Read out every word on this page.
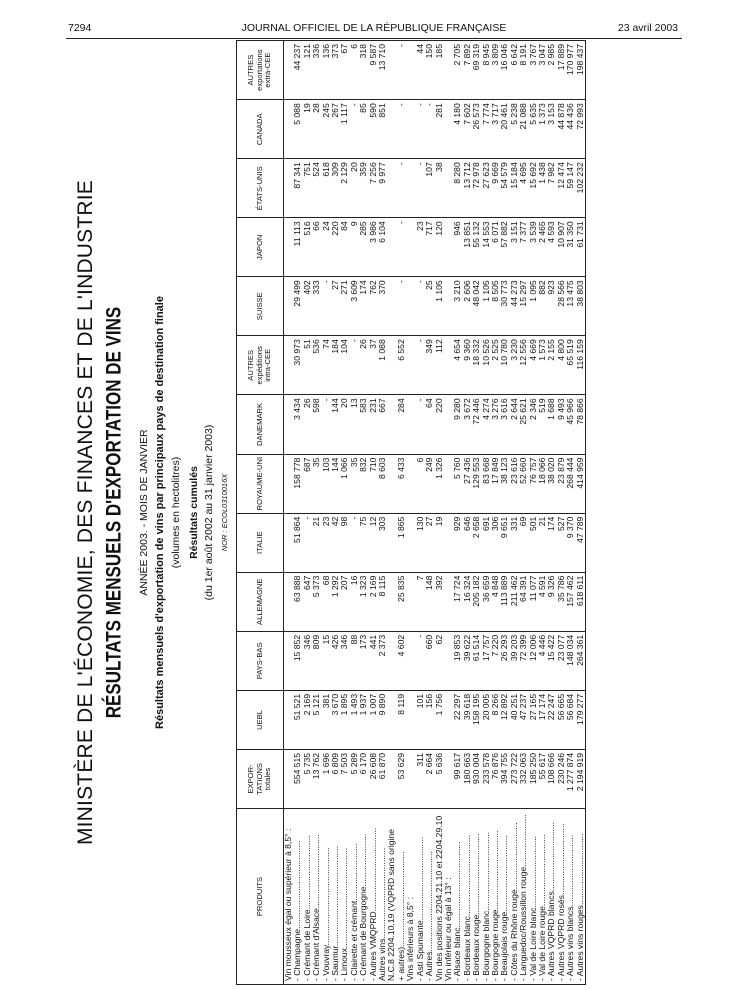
7294	JOURNAL OFFICIEL DE LA RÉPUBLIQUE FRANÇAISE	23 avril 2003
MINISTÈRE DE L'ÉCONOMIE, DES FINANCES ET DE L'INDUSTRIE RÉSULTATS MENSUELS D'EXPORTATION DE VINS ANNÉE 2003. - MOIS DE JANVIER Résultats mensuels d'exportation de vins par principaux pays de destination finale (volumes en hectolitres) Résultats cumulés (du 1er août 2002 au 31 janvier 2003) NOR : ECOL0310016X
PRODUITS	EXPOR-TATIONS totales	UEBL	PAYS-BAS	ALLEMAGNE	ITALIE	ROYAUME-UNI	DANEMARK	AUTRES expéditions intra-CEE	SUISSE	JAPON	ÉTATS-UNIS	CANADA	AUTRES exportations extra-CEE
Vin mousseux égal ou supérieur à 8,5° :													
- Champagne.....................................	554 515	51 521	15 852	63 888	51 864	158 778	3 434	30 973	29 499	11 113	87 341	5 088	44 237
- Crémant de Loire...............................	5 735	2 169	346	647	-	687	26	51	402	516	751	19	121
- Crémant d'Alsace...............................	13 762	5 121	809	5 373	21	35	598	536	333	66	524	28	336
- Vouvray.........................................	1 696	381	15	68	23	103	-	74	-	24	618	245	136
- Saumur..........................................	6 809	3 670	426	1 292	42	144	144	184	27	220	309	267	373
- Limoux..........................................	7 503	1 895	346	207	98	1 066	20	104	271	84	2 129	1 117	67
- Clairette et crémant........................	5 289	1 493	88	16	-	35	13	-	3 609	9	20	-	6
- Crémant de Bourgogne......................	6 170	1 937	173	1 323	75	832	583	26	174	285	359	85	318
- Autres VMQPRD...................................	26 608	1 007	441	2 169	12	710	231	37	762	3 986	7 256	590	9 587
Autres vins......................................	61 870	9 890	2 373	8 115	303	8 603	667	1 088	370	6 104	9 977	851	13 710
N.C.8 2204.10.19 (VQPRD sans origine													
+ autres)........................................	53 629	8 119	4 602	25 835	1 865	6 433	284	6 552	-	-	-	-	-
Vins inférieurs à 8,5° :													
- Asti Spumante...................................	311	101	-	7	130	6	-	-	-	23	-	-	44
- Autres..........................................	2 664	156	660	148	27	249	64	349	25	717	107	-	150
Vin des positions 2204.21.10 et 2204.29.10	5 636	1 756	62	392	19	1 326	220	112	1 105	120	38	281	185
Vin inférieur ou égal à 13° :													
- Alsace blanc....................................	99 617	22 297	19 853	17 724	929	5 760	9 280	4 654	3 210	946	8 280	4 180	2 705
- Bordeaux blanc..................................	180 663	39 618	39 622	16 324	646	27 436	3 672	9 360	2 606	13 851	13 712	7 602	7 892
- Bordeaux rouge..................................	930 004	158 195	61 514	205 182	2 658	129 553	72 446	18 332	48 042	55 132	72 978	26 573	69 319
- Bourgogne blanc.................................	233 578	20 005	17 757	36 659	691	83 668	4 274	10 526	1 105	14 553	27 623	7 774	8 945
- Bourgogne rouge.................................	76 876	8 266	7 220	4 848	306	17 849	3 276	2 525	8 505	6 071	9 669	3 717	3 809
- Beaujolais rouge................................	394 755	12 892	26 293	113 889	9 651	38 123	3 616	10 780	30 773	57 882	54 579	20 461	16 046
- Côtes du Rhône rouge............................	273 722	40 251	39 203	211 462	331	23 616	2 644	3 230	44 273	3 151	15 184	5 238	6 642
- Languedoc/Roussillon rouge......................	332 063	47 237	72 399	64 391	69	52 660	25 621	12 556	15 297	7 377	4 695	21 088	8 191
- Val de Loire blanc..............................	185 250	27 165	12 006	11 077	501	76 757	2 346	4 669	1 095	3 539	15 692	5 635	3 767
- Val de Loire rouge..............................	55 617	17 174	4 446	4 591	21	18 066	519	1 573	882	2 465	1 438	1 373	3 047
- Autres VQPRD blancs.............................	108 666	22 247	15 422	9 326	174	38 020	1 688	2 155	923	4 593	7 982	3 153	2 985
- Autres VQPRD rosés..............................	230 246	56 665	23 077	35 786	527	23 879	9 493	4 800	28 566	10 907	12 474	44 878	17 889
- Autres vins blancs..............................	1 277 874	56 684	148 034	157 462	9 370	268 444	45 966	65 519	13 475	31 350	59 147	44 436	170 977
- Autres vins rouges..............................	2 194 919	179 277	264 361	618 611	47 789	414 959	78 866	116 159	38 803	61 731	102 232	72 993	198 437
